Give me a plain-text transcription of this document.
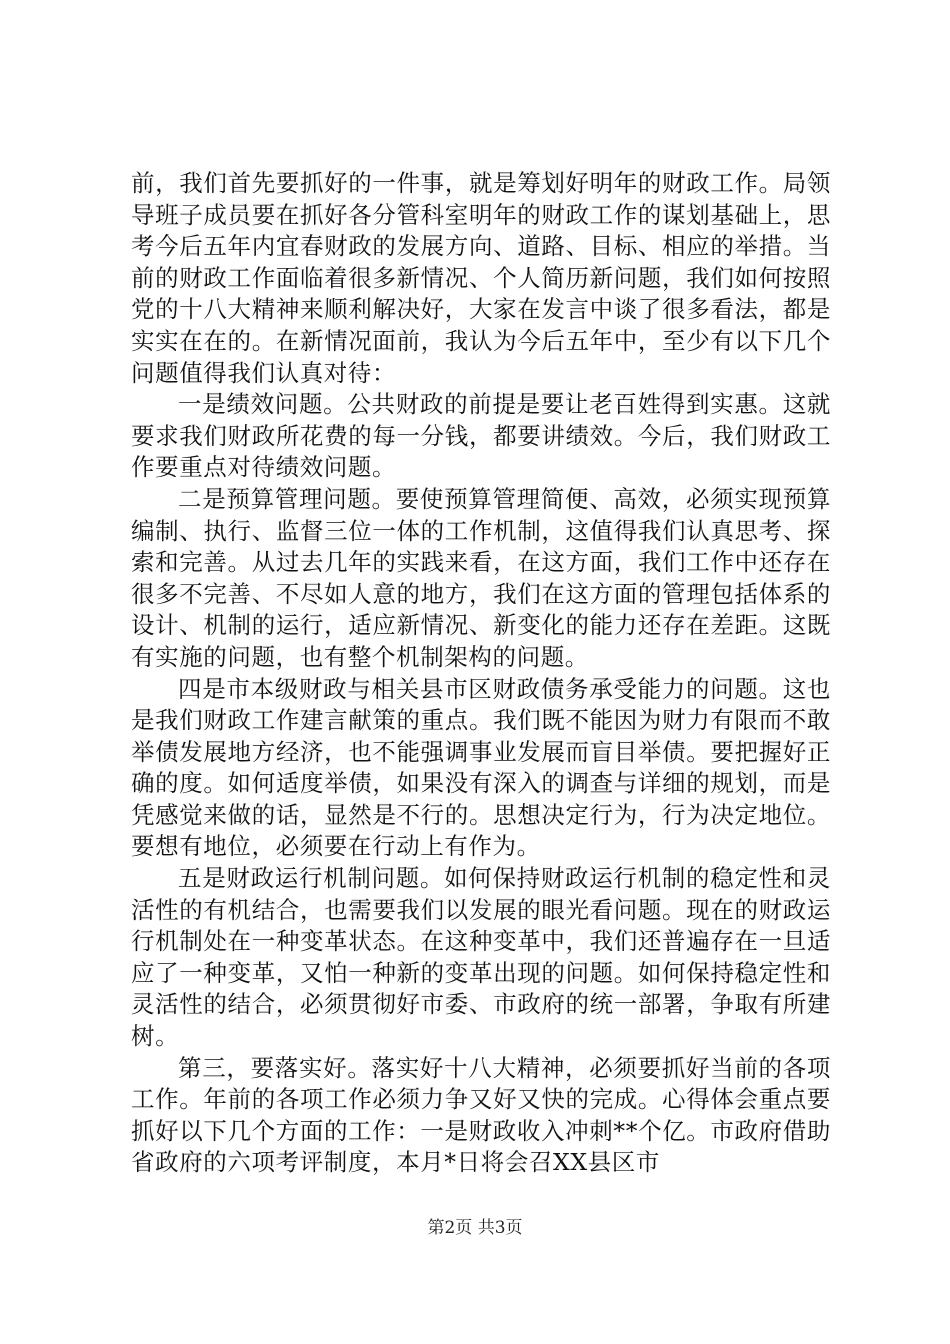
前，我们首先要抓好的一件事，就是筹划好明年的财政工作。局领导班子成员要在抓好各分管科室明年的财政工作的谋划基础上，思考今后五年内宜春财政的发展方向、道路、目标、相应的举措。当前的财政工作面临着很多新情况、个人简历新问题，我们如何按照党的十八大精神来顺利解决好，大家在发言中谈了很多看法，都是实实在在的。在新情况面前，我认为今后五年中，至少有以下几个问题值得我们认真对待：

一是绩效问题。公共财政的前提是要让老百姓得到实惠。这就要求我们财政所花费的每一分钱，都要讲绩效。今后，我们财政工作要重点对待绩效问题。

二是预算管理问题。要使预算管理简便、高效，必须实现预算编制、执行、监督三位一体的工作机制，这值得我们认真思考、探索和完善。从过去几年的实践来看，在这方面，我们工作中还存在很多不完善、不尽如人意的地方，我们在这方面的管理包括体系的设计、机制的运行，适应新情况、新变化的能力还存在差距。这既有实施的问题，也有整个机制架构的问题。

四是市本级财政与相关县市区财政债务承受能力的问题。这也是我们财政工作建言献策的重点。我们既不能因为财力有限而不敢举债发展地方经济，也不能强调事业发展而盲目举债。要把握好正确的度。如何适度举债，如果没有深入的调查与详细的规划，而是凭感觉来做的话，显然是不行的。思想决定行为，行为决定地位。要想有地位，必须要在行动上有作为。

五是财政运行机制问题。如何保持财政运行机制的稳定性和灵活性的有机结合，也需要我们以发展的眼光看问题。现在的财政运行机制处在一种变革状态。在这种变革中，我们还普遍存在一旦适应了一种变革，又怕一种新的变革出现的问题。如何保持稳定性和灵活性的结合，必须贯彻好市委、市政府的统一部署，争取有所建树。

第三，要落实好。落实好十八大精神，必须要抓好当前的各项工作。年前的各项工作必须力争又好又快的完成。心得体会重点要抓好以下几个方面的工作：一是财政收入冲刺**个亿。市政府借助省政府的六项考评制度，本月*日将会召XX县区市

第2页 共3页
